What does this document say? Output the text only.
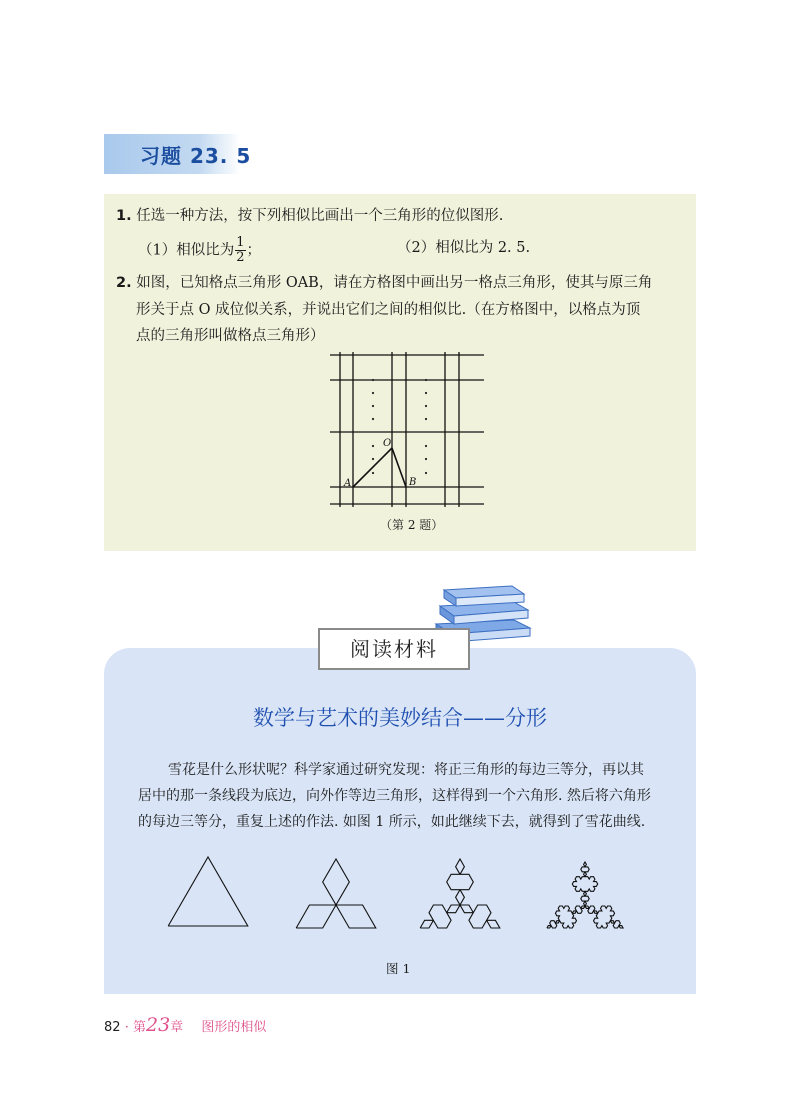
习题 23. 5
1. 任选一种方法，按下列相似比画出一个三角形的位似图形.
（1）相似比为 $\frac{1}{2}$ ；	（2）相似比为 2. 5.
2. 如图，已知格点三角形 OAB，请在方格图中画出另一格点三角形，使其与原三角
形关于点 O 成位似关系，并说出它们之间的相似比.（在方格图中，以格点为顶
点的三角形叫做格点三角形）
O
A	B
（第 2 题）
阅读材料
数学与艺术的美妙结合——分形
雪花是什么形状呢？科学家通过研究发现：将正三角形的每边三等分，再以其
居中的那一条线段为底边，向外作等边三角形，这样得到一个六角形. 然后将六角形
的每边三等分，重复上述的作法. 如图 1 所示，如此继续下去，就得到了雪花曲线.
图 1
82 · 第23章 图形的相似
